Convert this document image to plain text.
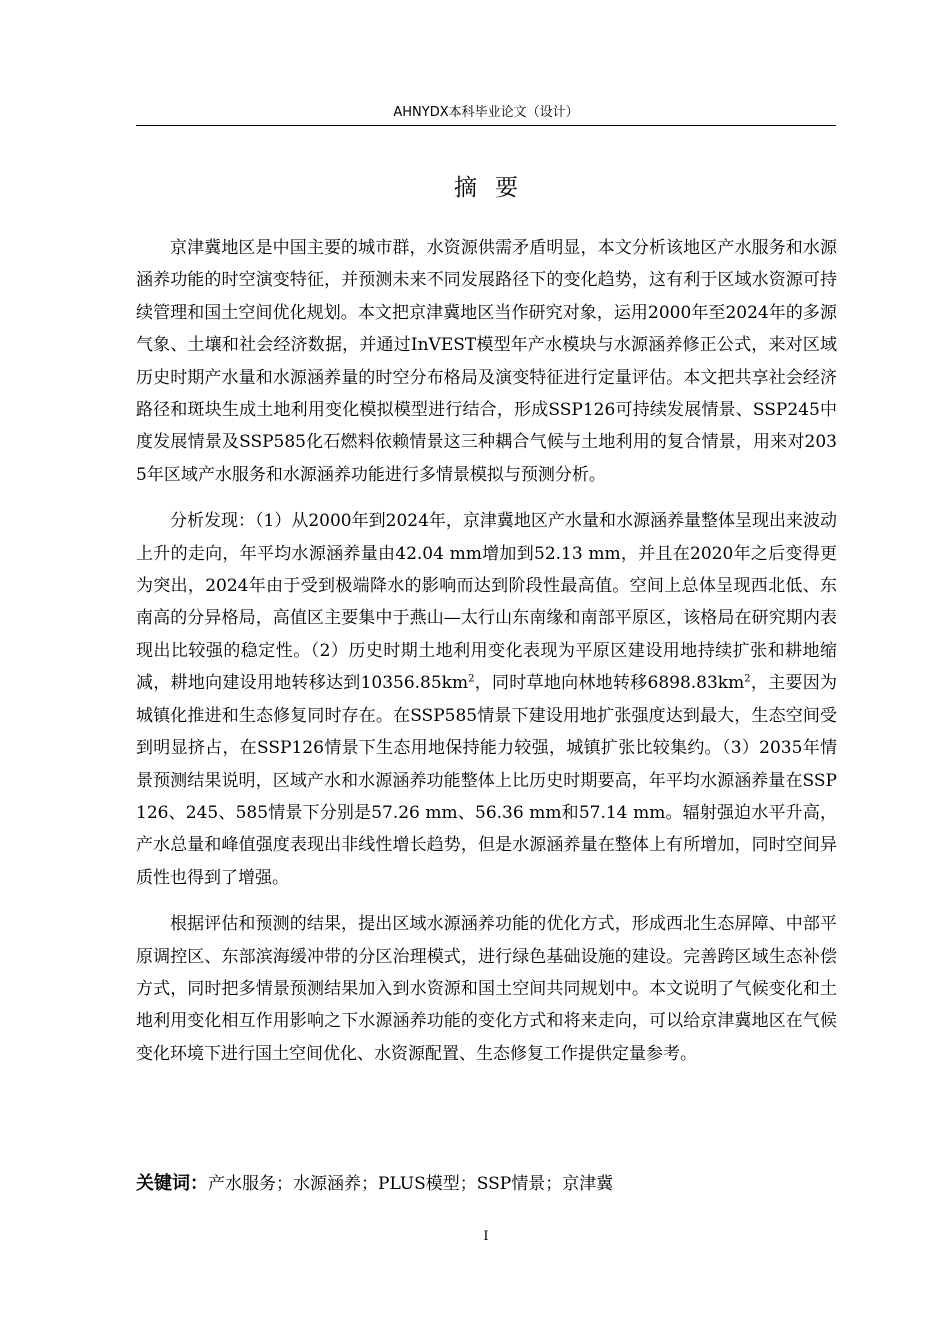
AHNYDX本科毕业论文（设计）
摘要

京津冀地区是中国主要的城市群，水资源供需矛盾明显，本文分析该地区产水服务和水源涵养功能的时空演变特征，并预测未来不同发展路径下的变化趋势，这有利于区域水资源可持续管理和国土空间优化规划。本文把京津冀地区当作研究对象，运用2000年至2024年的多源气象、土壤和社会经济数据，并通过InVEST模型年产水模块与水源涵养修正公式，来对区域历史时期产水量和水源涵养量的时空分布格局及演变特征进行定量评估。本文把共享社会经济路径和斑块生成土地利用变化模拟模型进行结合，形成SSP126可持续发展情景、SSP245中度发展情景及SSP585化石燃料依赖情景这三种耦合气候与土地利用的复合情景，用来对2035年区域产水服务和水源涵养功能进行多情景模拟与预测分析。

分析发现：（1）从2000年到2024年，京津冀地区产水量和水源涵养量整体呈现出来波动上升的走向，年平均水源涵养量由42.04 mm增加到52.13 mm，并且在2020年之后变得更为突出，2024年由于受到极端降水的影响而达到阶段性最高值。空间上总体呈现西北低、东南高的分异格局，高值区主要集中于燕山—太行山东南缘和南部平原区，该格局在研究期内表现出比较强的稳定性。（2）历史时期土地利用变化表现为平原区建设用地持续扩张和耕地缩减，耕地向建设用地转移达到$10356.85km^2$，同时草地向林地转移$6898.83km^2$，主要因为城镇化推进和生态修复同时存在。在SSP585情景下建设用地扩张强度达到最大，生态空间受到明显挤占，在SSP126情景下生态用地保持能力较强，城镇扩张比较集约。（3）2035年情景预测结果说明，区域产水和水源涵养功能整体上比历史时期要高，年平均水源涵养量在SSP126、245、585情景下分别是57.26 mm、56.36 mm和57.14 mm。辐射强迫水平升高，产水总量和峰值强度表现出非线性增长趋势，但是水源涵养量在整体上有所增加，同时空间异质性也得到了增强。

根据评估和预测的结果，提出区域水源涵养功能的优化方式，形成西北生态屏障、中部平原调控区、东部滨海缓冲带的分区治理模式，进行绿色基础设施的建设。完善跨区域生态补偿方式，同时把多情景预测结果加入到水资源和国土空间共同规划中。本文说明了气候变化和土地利用变化相互作用影响之下水源涵养功能的变化方式和将来走向，可以给京津冀地区在气候变化环境下进行国土空间优化、水资源配置、生态修复工作提供定量参考。

关键词：产水服务；水源涵养；PLUS模型；SSP情景；京津冀
I
